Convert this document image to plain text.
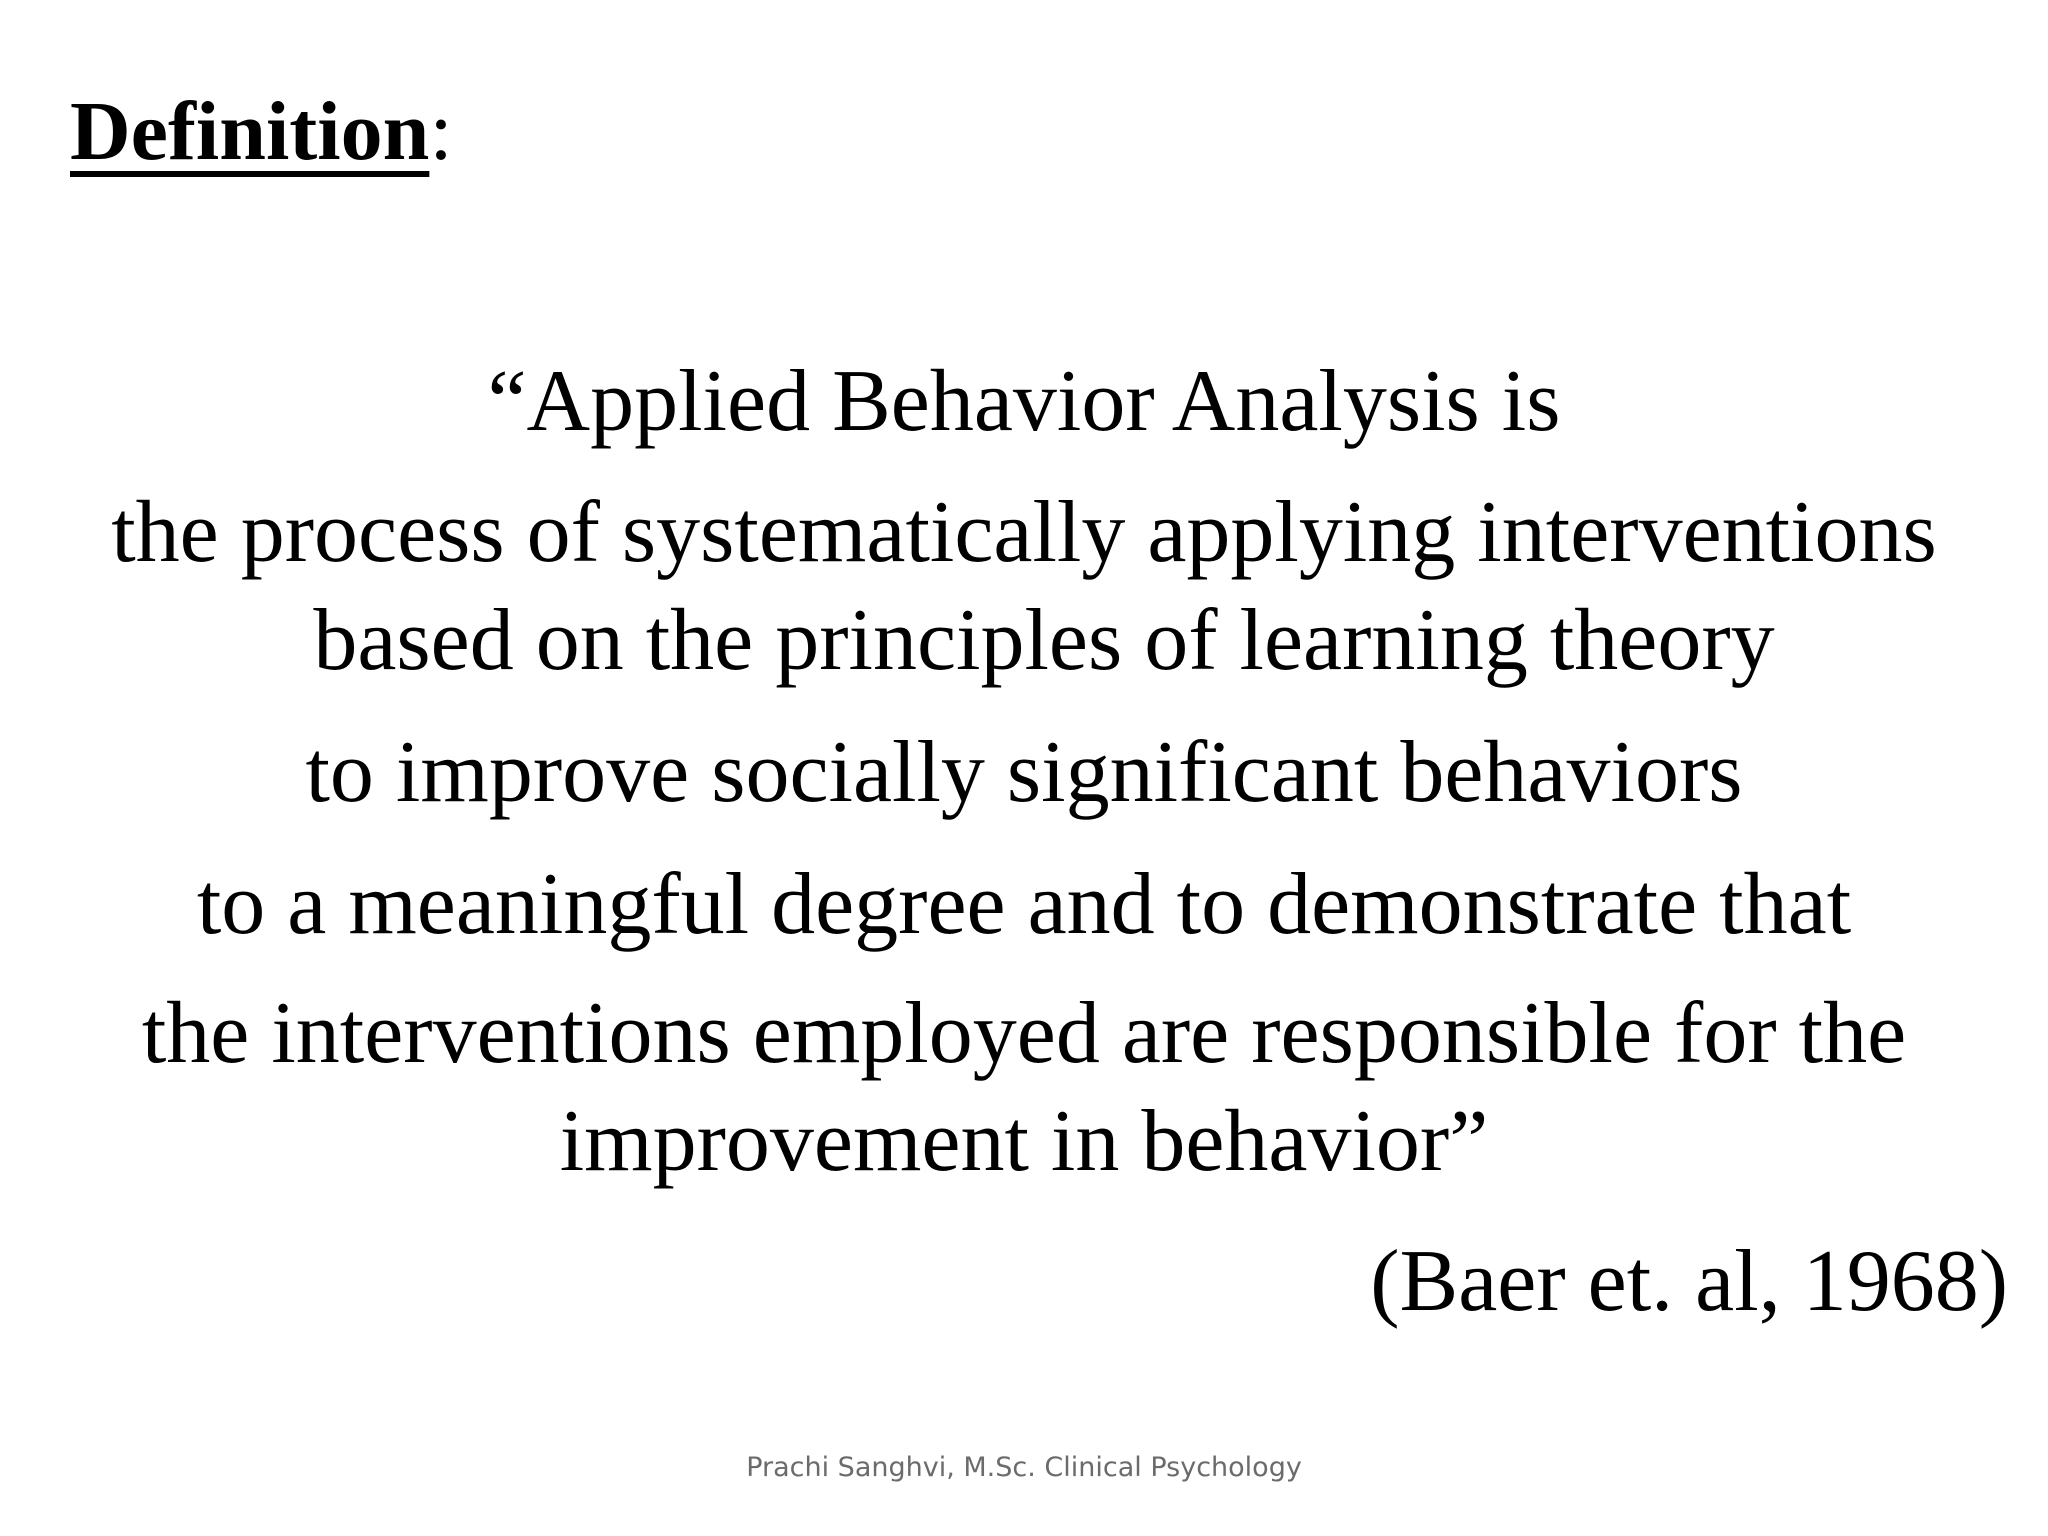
Definition:
“Applied Behavior Analysis is
the process of systematically applying interventions
based on the principles of learning theory
to improve socially significant behaviors
to a meaningful degree and to demonstrate that
the interventions employed are responsible for the
improvement in behavior”
(Baer et. al, 1968)
Prachi Sanghvi, M.Sc. Clinical Psychology
